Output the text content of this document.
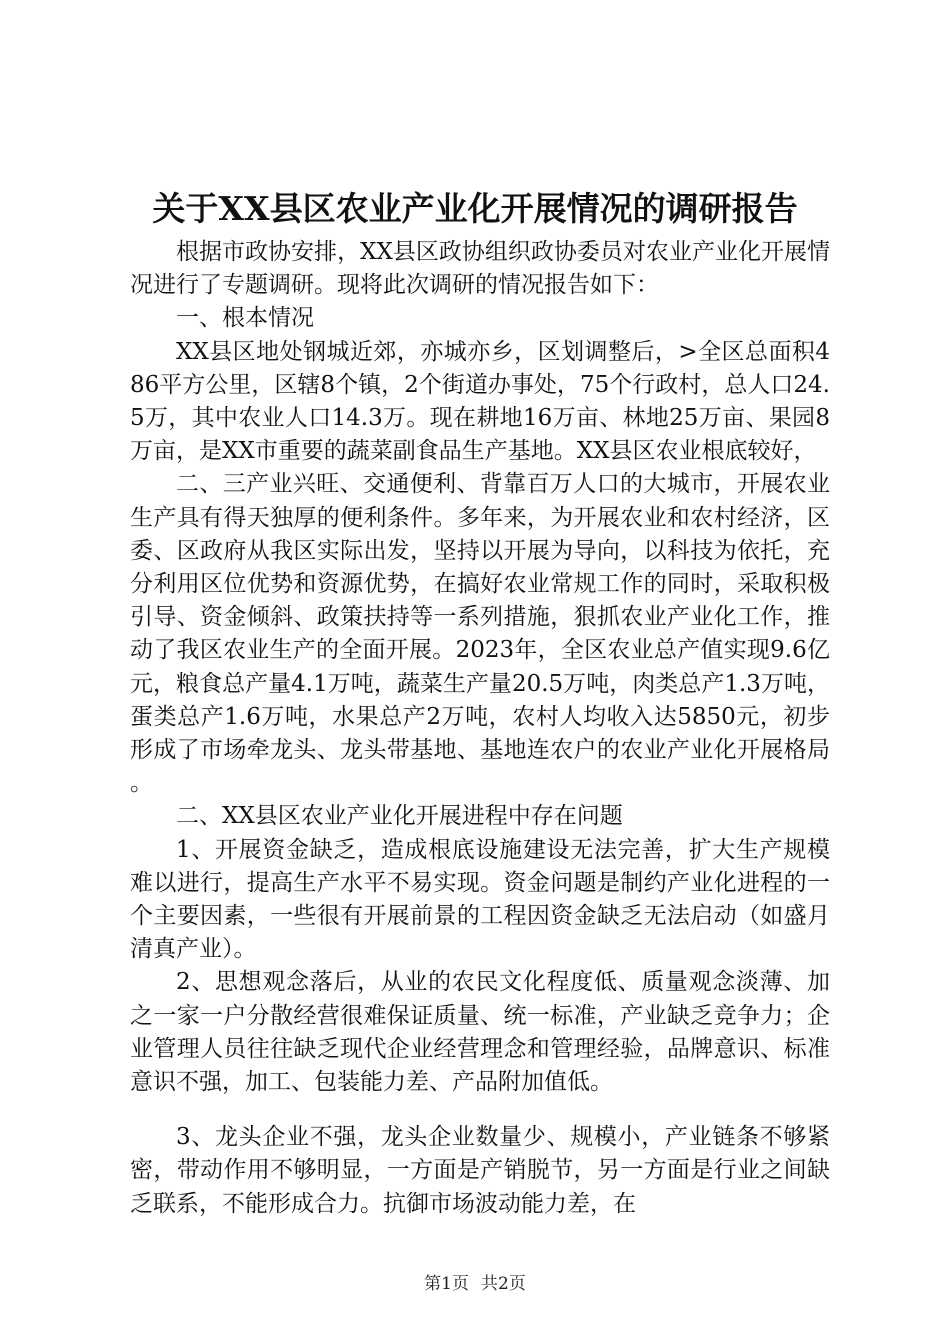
关于XX县区农业产业化开展情况的调研报告

根据市政协安排，XX县区政协组织政协委员对农业产业化开展情况进行了专题调研。现将此次调研的情况报告如下：

一、根本情况

XX县区地处钢城近郊，亦城亦乡，区划调整后，>全区总面积486平方公里，区辖8个镇，2个街道办事处，75个行政村，总人口24.5万，其中农业人口14.3万。现在耕地16万亩、林地25万亩、果园8万亩，是XX市重要的蔬菜副食品生产基地。XX县区农业根底较好，

二、三产业兴旺、交通便利、背靠百万人口的大城市，开展农业生产具有得天独厚的便利条件。多年来，为开展农业和农村经济，区委、区政府从我区实际出发，坚持以开展为导向，以科技为依托，充分利用区位优势和资源优势，在搞好农业常规工作的同时，采取积极引导、资金倾斜、政策扶持等一系列措施，狠抓农业产业化工作，推动了我区农业生产的全面开展。2023年，全区农业总产值实现9.6亿元，粮食总产量4.1万吨，蔬菜生产量20.5万吨，肉类总产1.3万吨，蛋类总产1.6万吨，水果总产2万吨，农村人均收入达5850元，初步形成了市场牵龙头、龙头带基地、基地连农户的农业产业化开展格局。

二、XX县区农业产业化开展进程中存在问题

1、开展资金缺乏，造成根底设施建设无法完善，扩大生产规模难以进行，提高生产水平不易实现。资金问题是制约产业化进程的一个主要因素，一些很有开展前景的工程因资金缺乏无法启动（如盛月清真产业）。

2、思想观念落后，从业的农民文化程度低、质量观念淡薄、加之一家一户分散经营很难保证质量、统一标准，产业缺乏竞争力；企业管理人员往往缺乏现代企业经营理念和管理经验，品牌意识、标准意识不强，加工、包装能力差、产品附加值低。

3、龙头企业不强，龙头企业数量少、规模小，产业链条不够紧密，带动作用不够明显，一方面是产销脱节，另一方面是行业之间缺乏联系，不能形成合力。抗御市场波动能力差，在

第1页 共2页
